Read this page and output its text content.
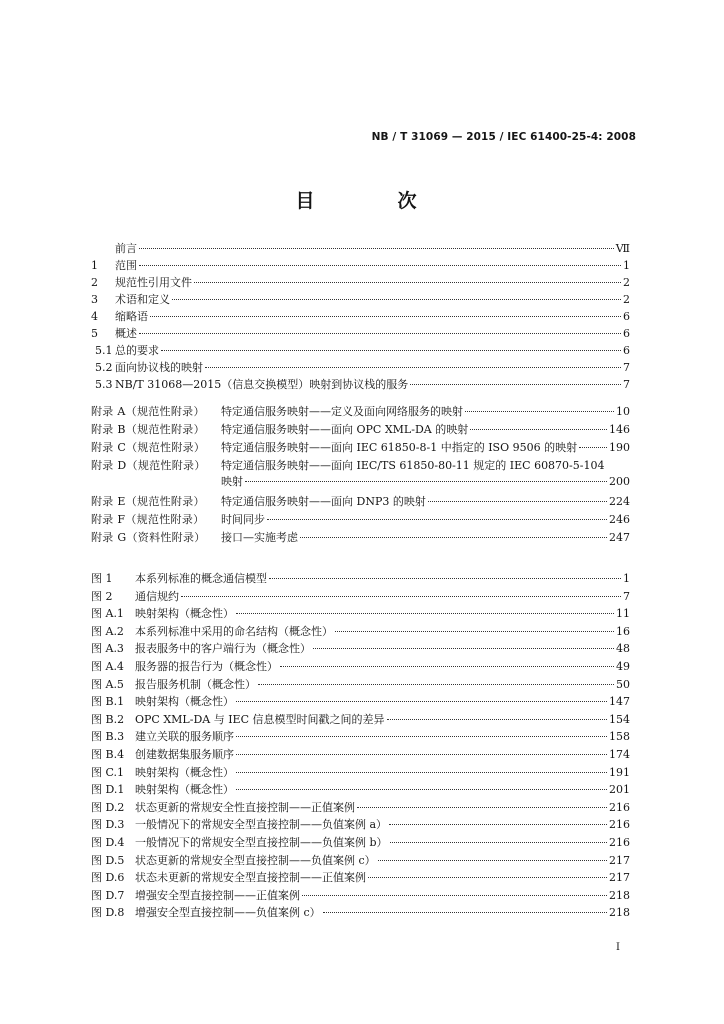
NB / T 31069 — 2015 / IEC 61400-25-4: 2008
目　次
前言	Ⅶ
1	范围	1
2	规范性引用文件	2
3	术语和定义	2
4	缩略语	6
5	概述	6
5.1 总的要求	6
5.2 面向协议栈的映射	7
5.3 NB/T 31068—2015（信息交换模型）映射到协议栈的服务	7
附录 A（规范性附录）	特定通信服务映射——定义及面向网络服务的映射	10
附录 B（规范性附录）	特定通信服务映射——面向 OPC XML-DA 的映射	146
附录 C（规范性附录）	特定通信服务映射——面向 IEC 61850-8-1 中指定的 ISO 9506 的映射	190
附录 D（规范性附录）	特定通信服务映射——面向 IEC/TS 61850-80-11 规定的 IEC 60870-5-104
映射	200
附录 E（规范性附录）	特定通信服务映射——面向 DNP3 的映射	224
附录 F（规范性附录）	时间同步	246
附录 G（资料性附录）	接口—实施考虑	247
图 1	本系列标准的概念通信模型	1
图 2	通信规约	7
图 A.1	映射架构（概念性）	11
图 A.2	本系列标准中采用的命名结构（概念性）	16
图 A.3	报表服务中的客户端行为（概念性）	48
图 A.4	服务器的报告行为（概念性）	49
图 A.5	报告服务机制（概念性）	50
图 B.1 映射架构（概念性）	147
图 B.2 OPC XML-DA 与 IEC 信息模型时间戳之间的差异	154
图 B.3 建立关联的服务顺序	158
图 B.4 创建数据集服务顺序	174
图 C.1 映射架构（概念性）	191
图 D.1 映射架构（概念性）	201
图 D.2 状态更新的常规安全性直接控制——正值案例	216
图 D.3 一般情况下的常规安全型直接控制——负值案例 a）	216
图 D.4 一般情况下的常规安全型直接控制——负值案例 b）	216
图 D.5 状态更新的常规安全型直接控制——负值案例 c）	217
图 D.6 状态未更新的常规安全型直接控制——正值案例	217
图 D.7 增强安全型直接控制——正值案例	218
图 D.8 增强安全型直接控制——负值案例 c）	218
I
